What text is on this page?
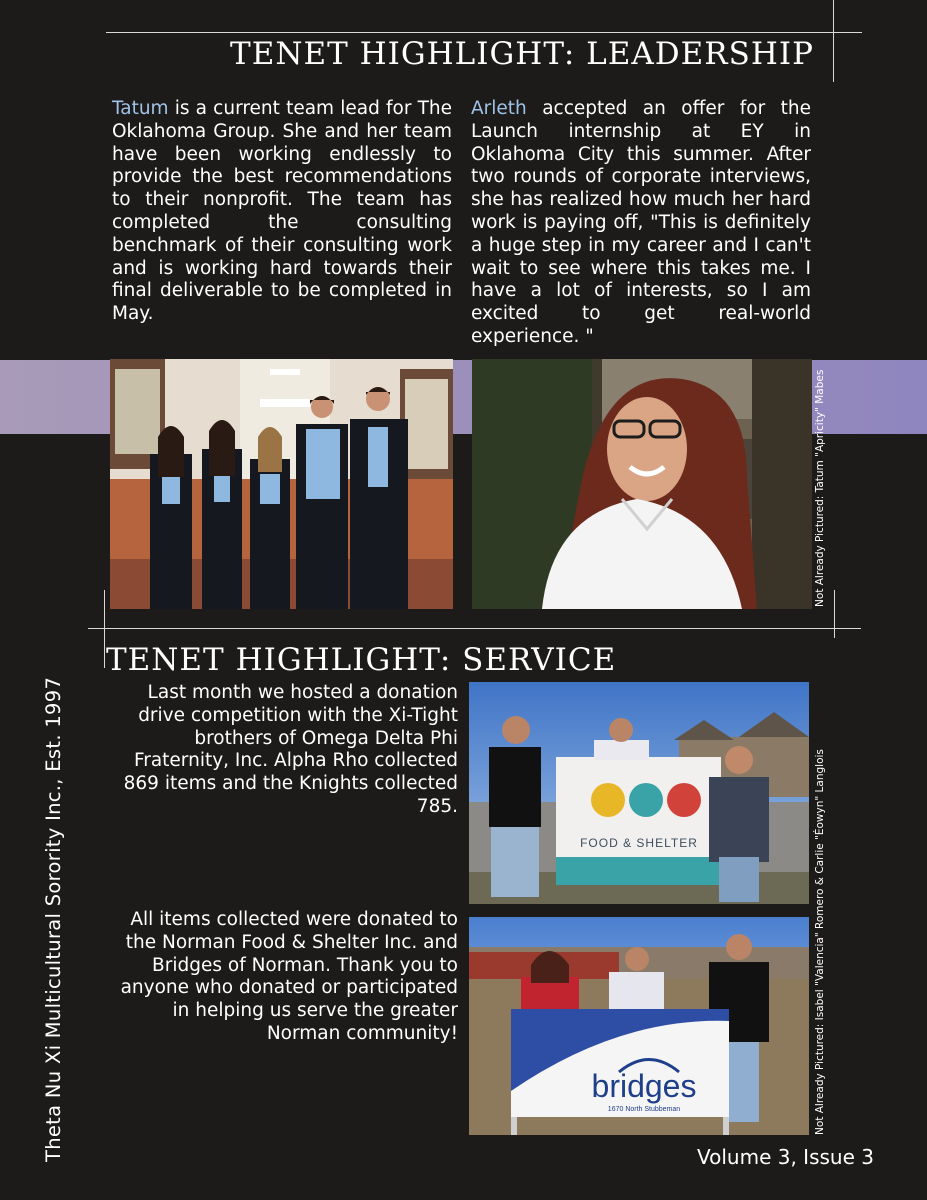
TENET HIGHLIGHT: LEADERSHIP
Tatum is a current team lead for The Oklahoma Group. She and her team have been working endlessly to provide the best recommendations to their nonprofit. The team has completed the consulting benchmark of their consulting work and is working hard towards their final deliverable to be completed in May.
Arleth accepted an offer for the Launch internship at EY in Oklahoma City this summer. After two rounds of corporate interviews, she has realized how much her hard work is paying off, "This is definitely a huge step in my career and I can't wait to see where this takes me. I have a lot of interests, so I am excited to get real-world experience. "
Not Already Pictured: Tatum "Apricity" Mabes
TENET HIGHLIGHT: SERVICE
Last month we hosted a donation drive competition with the Xi-Tight brothers of Omega Delta Phi Fraternity, Inc. Alpha Rho collected 869 items and the Knights collected 785.
All items collected were donated to the Norman Food & Shelter Inc. and Bridges of Norman. Thank you to anyone who donated or participated in helping us serve the greater Norman community!
FOOD & SHELTER
bridges
1670 North Stubbeman	Not Already Pictured: Isabel "Valencia" Romero & Carlie "Éowyn" Langlois
Theta Nu Xi Multicultural Sorority Inc., Est. 1997	Volume 3, Issue 3
